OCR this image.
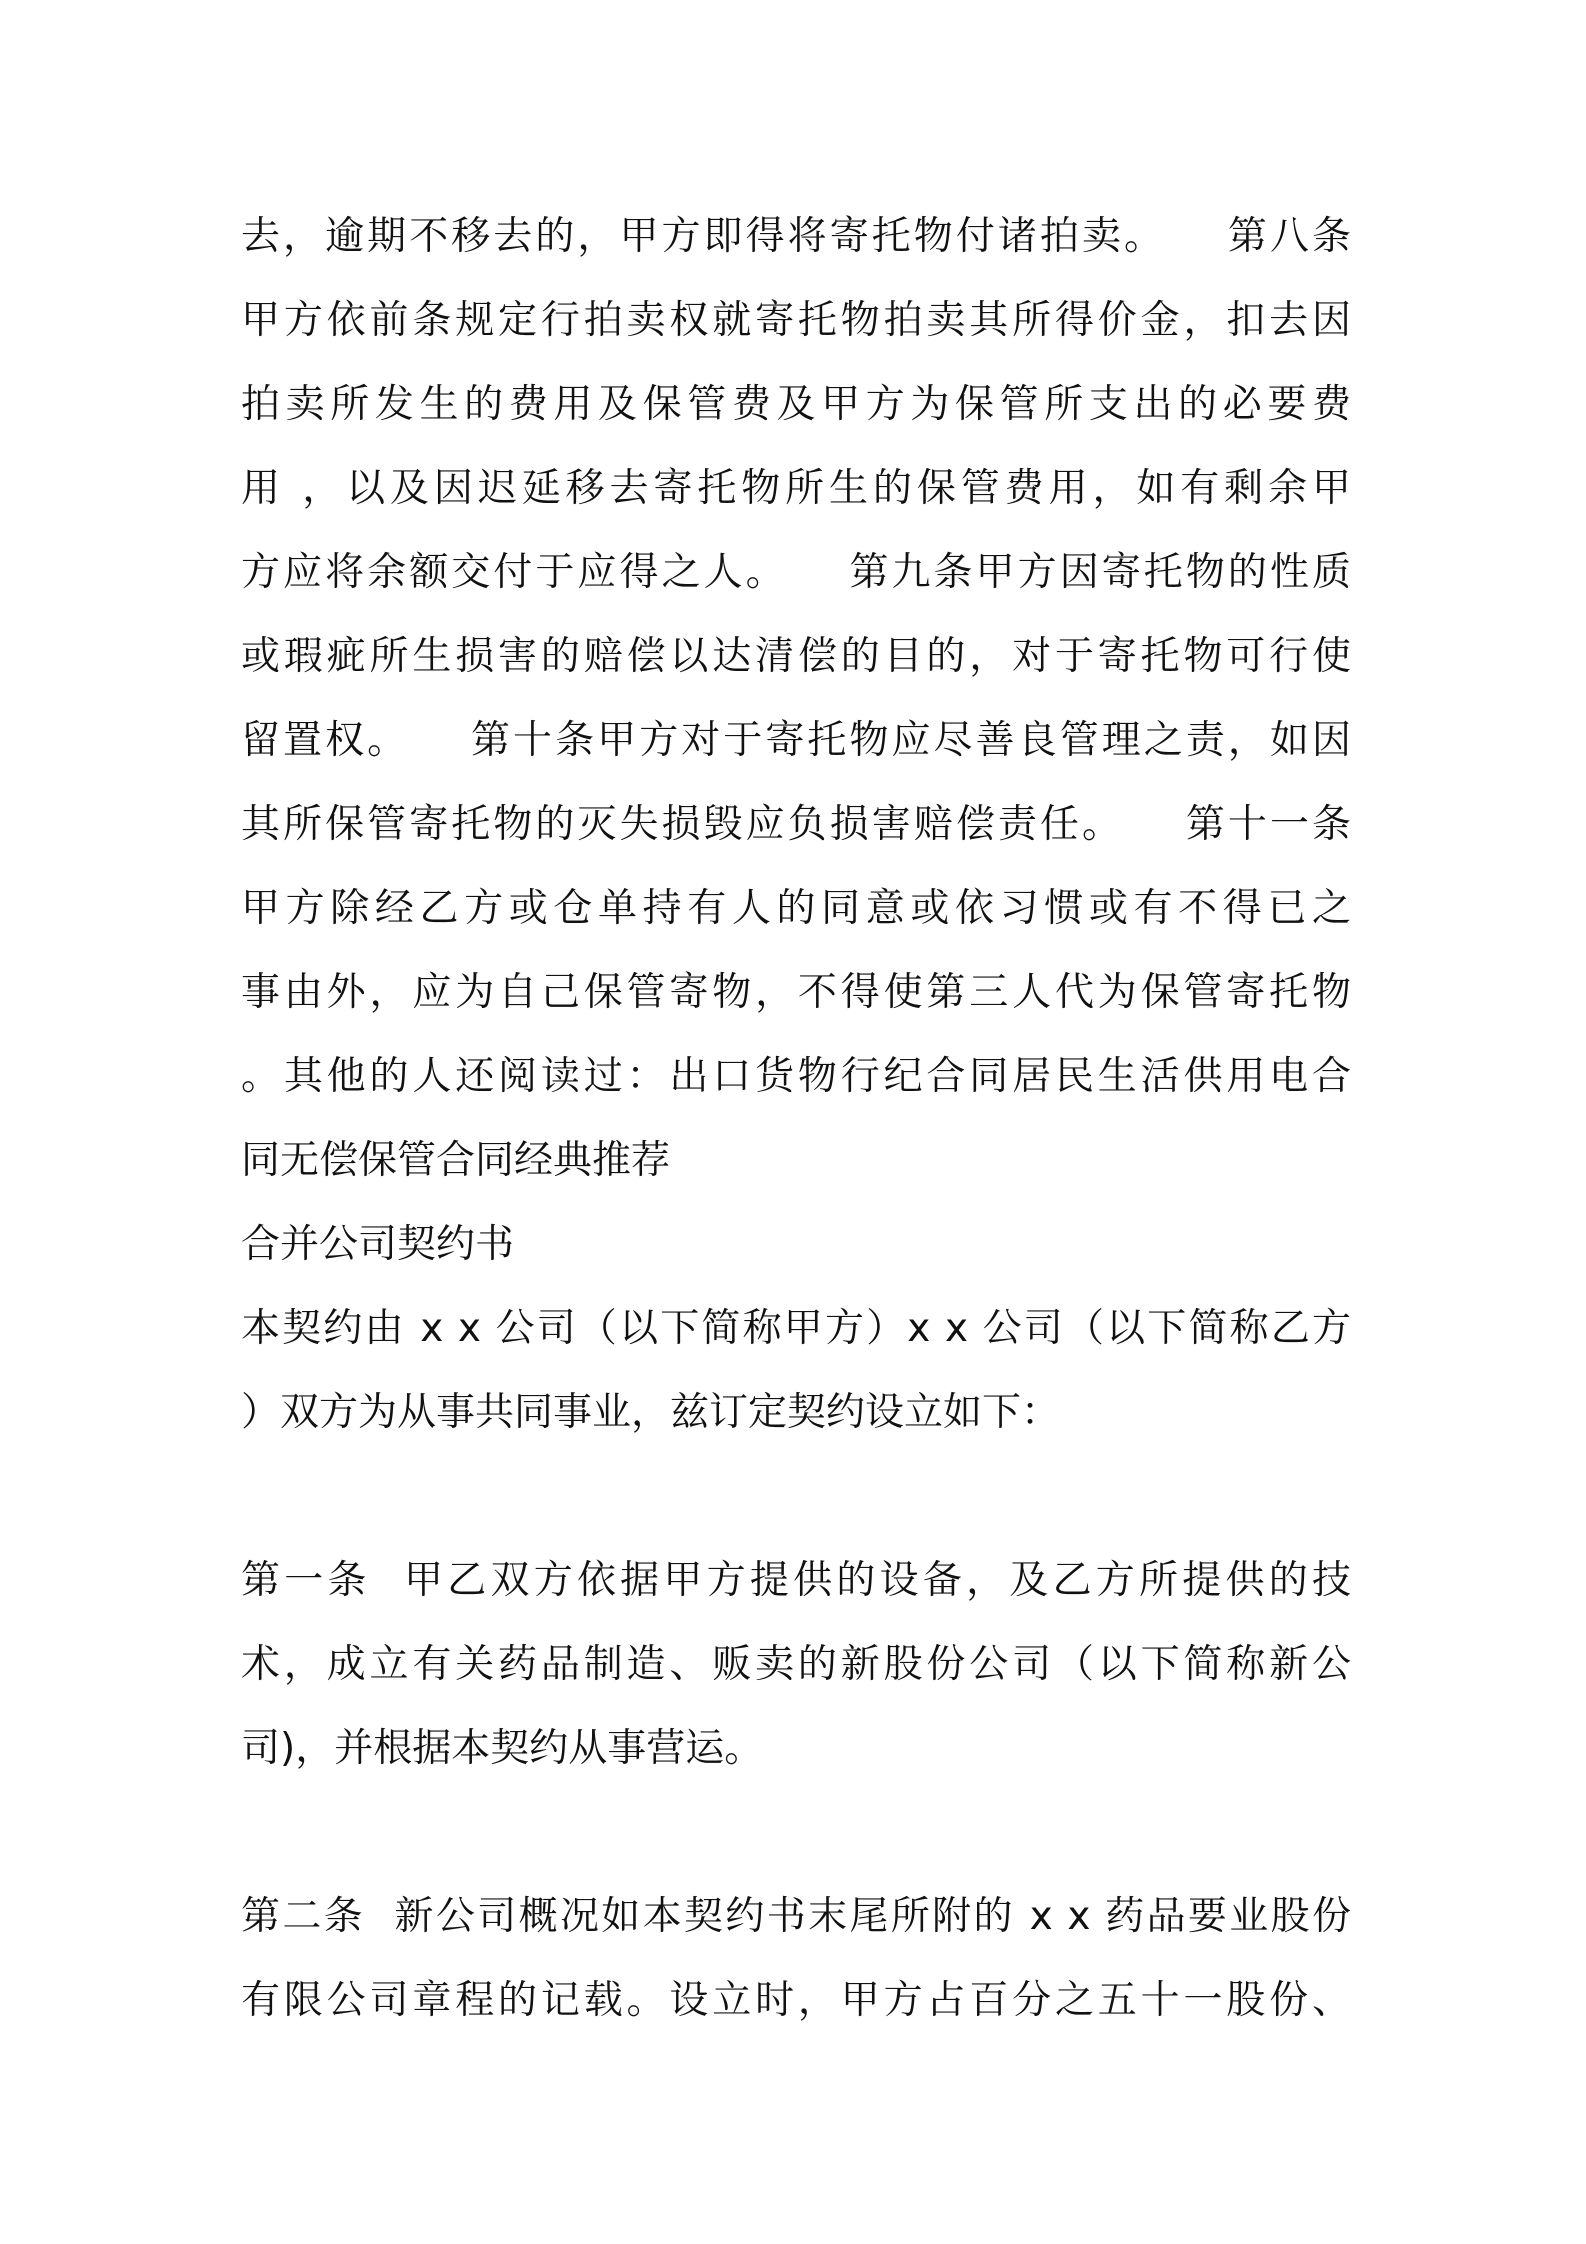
去，逾期不移去的，甲方即得将寄托物付诸拍卖。    第八条
甲方依前条规定行拍卖权就寄托物拍卖其所得价金，扣去因
拍卖所发生的费用及保管费及甲方为保管所支出的必要费
用 ，以及因迟延移去寄托物所生的保管费用，如有剩余甲
方应将余额交付于应得之人。    第九条甲方因寄托物的性质
或瑕疵所生损害的赔偿以达清偿的目的，对于寄托物可行使
留置权。    第十条甲方对于寄托物应尽善良管理之责，如因
其所保管寄托物的灭失损毁应负损害赔偿责任。    第十一条
甲方除经乙方或仓单持有人的同意或依习惯或有不得已之
事由外，应为自己保管寄物，不得使第三人代为保管寄托物
。其他的人还阅读过：出口货物行纪合同居民生活供用电合
同无偿保管合同经典推荐
合并公司契约书
本契约由 x x 公司（以下简称甲方）x x 公司（以下简称乙方
）双方为从事共同事业，兹订定契约设立如下：
第一条  甲乙双方依据甲方提供的设备，及乙方所提供的技
术，成立有关药品制造、贩卖的新股份公司（以下简称新公
司)，并根据本契约从事营运。
第二条  新公司概况如本契约书末尾所附的 x x 药品要业股份
有限公司章程的记载。设立时，甲方占百分之五十一股份、
